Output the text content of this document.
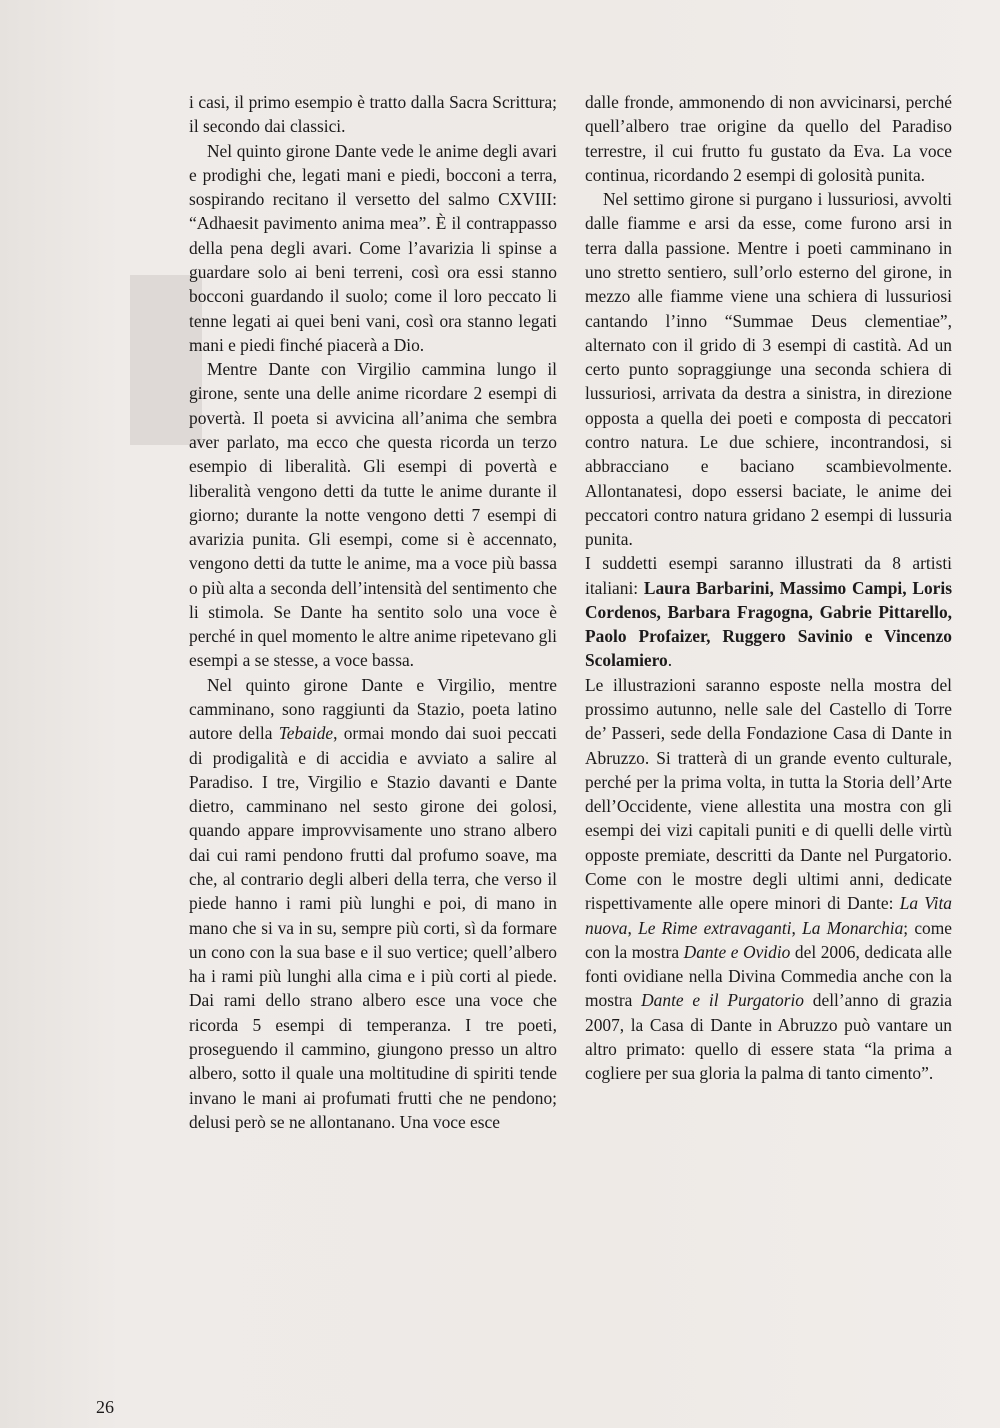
i casi, il primo esempio è tratto dalla Sacra Scrittura; il secondo dai classici.

Nel quinto girone Dante vede le anime degli avari e prodighi che, legati mani e piedi, bocconi a terra, sospirando recitano il versetto del salmo CXVIII: “Adhaesit pavimento anima mea”. È il contrappasso della pena degli avari. Come l’avarizia li spinse a guardare solo ai beni terreni, così ora essi stanno bocconi guardando il suolo; come il loro peccato li tenne legati ai quei beni vani, così ora stanno legati mani e piedi finché piacerà a Dio.

Mentre Dante con Virgilio cammina lungo il girone, sente una delle anime ricordare 2 esempi di povertà. Il poeta si avvicina all’anima che sembra aver parlato, ma ecco che questa ricorda un terzo esempio di liberalità. Gli esempi di povertà e liberalità vengono detti da tutte le anime durante il giorno; durante la notte vengono detti 7 esempi di avarizia punita. Gli esempi, come si è accennato, vengono detti da tutte le anime, ma a voce più bassa o più alta a seconda dell’intensità del sentimento che li stimola. Se Dante ha sentito solo una voce è perché in quel momento le altre anime ripetevano gli esempi a se stesse, a voce bassa.

Nel quinto girone Dante e Virgilio, mentre camminano, sono raggiunti da Stazio, poeta latino autore della Tebaide, ormai mondo dai suoi peccati di prodigalità e di accidia e avviato a salire al Paradiso. I tre, Virgilio e Stazio davanti e Dante dietro, camminano nel sesto girone dei golosi, quando appare improvvisamente uno strano albero dai cui rami pendono frutti dal profumo soave, ma che, al contrario degli alberi della terra, che verso il piede hanno i rami più lunghi e poi, di mano in mano che si va in su, sempre più corti, sì da formare un cono con la sua base e il suo vertice; quell’albero ha i rami più lunghi alla cima e i più corti al piede. Dai rami dello strano albero esce una voce che ricorda 5 esempi di temperanza. I tre poeti, proseguendo il cammino, giungono presso un altro albero, sotto il quale una moltitudine di spiriti tende invano le mani ai profumati frutti che ne pendono; delusi però se ne allontanano. Una voce esce

dalle fronde, ammonendo di non avvicinarsi, perché quell’albero trae origine da quello del Paradiso terrestre, il cui frutto fu gustato da Eva. La voce continua, ricordando 2 esempi di golosità punita.

Nel settimo girone si purgano i lussuriosi, avvolti dalle fiamme e arsi da esse, come furono arsi in terra dalla passione. Mentre i poeti camminano in uno stretto sentiero, sull’orlo esterno del girone, in mezzo alle fiamme viene una schiera di lussuriosi cantando l’inno “Summae Deus clementiae”, alternato con il grido di 3 esempi di castità. Ad un certo punto sopraggiunge una seconda schiera di lussuriosi, arrivata da destra a sinistra, in direzione opposta a quella dei poeti e composta di peccatori contro natura. Le due schiere, incontrandosi, si abbracciano e baciano scambievolmente. Allontanatesi, dopo essersi baciate, le anime dei peccatori contro natura gridano 2 esempi di lussuria punita.

I suddetti esempi saranno illustrati da 8 artisti italiani: Laura Barbarini, Massimo Campi, Loris Cordenos, Barbara Fragogna, Gabrie Pittarello, Paolo Profaizer, Ruggero Savinio e Vincenzo Scolamiero.

Le illustrazioni saranno esposte nella mostra del prossimo autunno, nelle sale del Castello di Torre de’ Passeri, sede della Fondazione Casa di Dante in Abruzzo. Si tratterà di un grande evento culturale, perché per la prima volta, in tutta la Storia dell’Arte dell’Occidente, viene allestita una mostra con gli esempi dei vizi capitali puniti e di quelli delle virtù opposte premiate, descritti da Dante nel Purgatorio. Come con le mostre degli ultimi anni, dedicate rispettivamente alle opere minori di Dante: La Vita nuova, Le Rime extravaganti, La Monarchia; come con la mostra Dante e Ovidio del 2006, dedicata alle fonti ovidiane nella Divina Commedia anche con la mostra Dante e il Purgatorio dell’anno di grazia 2007, la Casa di Dante in Abruzzo può vantare un altro primato: quello di essere stata “la prima a cogliere per sua gloria la palma di tanto cimento”.

26
